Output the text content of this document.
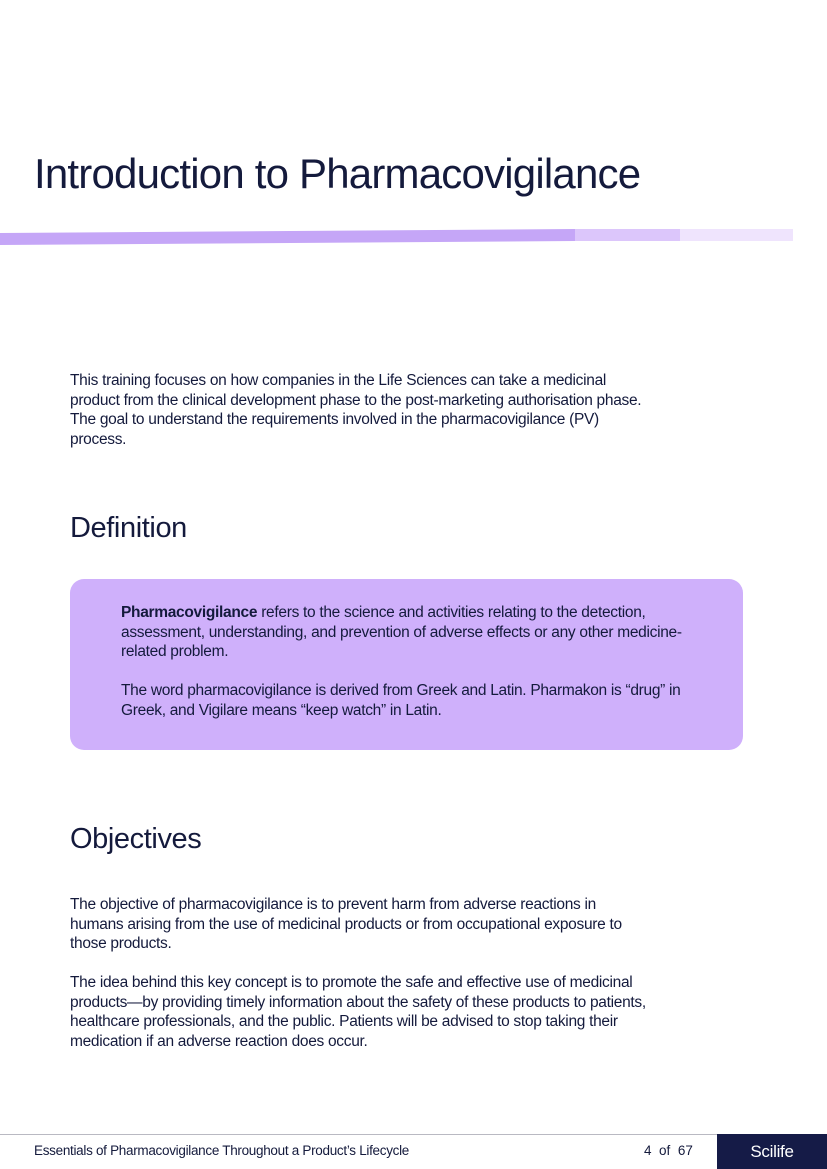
Introduction to Pharmacovigilance

This training focuses on how companies in the Life Sciences can take a medicinal product from the clinical development phase to the post-marketing authorisation phase. The goal to understand the requirements involved in the pharmacovigilance (PV) process.

Definition

Pharmacovigilance refers to the science and activities relating to the detection, assessment, understanding, and prevention of adverse effects or any other medicine-related problem.

The word pharmacovigilance is derived from Greek and Latin. Pharmakon is “drug” in Greek, and Vigilare means “keep watch” in Latin.

Objectives

The objective of pharmacovigilance is to prevent harm from adverse reactions in humans arising from the use of medicinal products or from occupational exposure to those products.

The idea behind this key concept is to promote the safe and effective use of medicinal products—by providing timely information about the safety of these products to patients, healthcare professionals, and the public. Patients will be advised to stop taking their medication if an adverse reaction does occur.

Essentials of Pharmacovigilance Throughout a Product’s Lifecycle	4 of 67	Scilife
